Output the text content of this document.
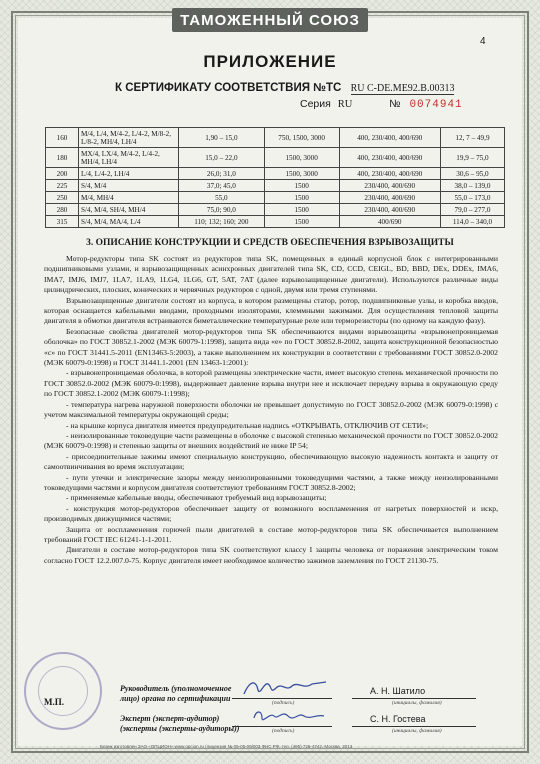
ТАМОЖЕННЫЙ СОЮЗ
4
ПРИЛОЖЕНИЕ
К СЕРТИФИКАТУ СООТВЕТСТВИЯ №ТС RU C-DE.ME92.B.00313
Серия RU	№ 0074941
160	M/4, L/4, M/4-2, L/4-2, M/8-2, L/8-2, MH/4, LH/4	1,90 – 15,0	750, 1500, 3000	400, 230/400, 400/690	12, 7 – 49,9
180	MX/4, LX/4, M/4-2, L/4-2, MH/4, LH/4	15,0 – 22,0	1500, 3000	400, 230/400, 400/690	19,9 – 75,0
200	L/4, L/4-2, LH/4	26,0; 31,0	1500, 3000	400, 230/400, 400/690	30,6 – 95,0
225	S/4, M/4	37,0; 45,0	1500	230/400, 400/690	38,0 – 139,0
250	M/4, MH/4	55,0	1500	230/400, 400/690	55,0 – 173,0
280	S/4, M/4, SH/4, MH/4	75,0; 90,0	1500	230/400, 400/690	79,0 – 277,0
315	S/4, M/4, MA/4, L/4	110; 132; 160; 200	1500	400/690	114,0 – 340,0
3. ОПИСАНИЕ КОНСТРУКЦИИ И СРЕДСТВ ОБЕСПЕЧЕНИЯ ВЗРЫВОЗАЩИТЫ

Мотор-редукторы типа SK состоят из редукторов типа SK, помещенных в единый корпусной блок с интегрированными подшипниковыми узлами, и взрывозащищенных асинхронных двигателей типа SK, CD, CCD, CEIGL, BD, BBD, DEx, DDEx, IMA6, IMA7, IMJ6, IMJ7, 1LA7, 1LA9, 1LG4, 1LG6, GT, 5AT, 7AT (далее взрывозащищенные двигатели). Используются различные виды цилиндрических, плоских, конических и червячных редукторов с одной, двумя или тремя ступенями.

Взрывозащищенные двигатели состоят из корпуса, в котором размещены статор, ротор, подшипниковые узлы, и коробка вводов, которая оснащается кабельными вводами, проходными изоляторами, клеммными зажимами. Для осуществления тепловой защиты двигателя в обмотки двигателя встраиваются биметаллические температурные реле или терморезисторы (по одному на каждую фазу).

Безопасные свойства двигателей мотор-редукторов типа SK обеспечиваются видами взрывозащиты «взрывонепроницаемая оболочка» по ГОСТ 30852.1-2002 (МЭК 60079-1:1998), защита вида «е» по ГОСТ 30852.8-2002, защита конструкционной безопасностью «с» по ГОСТ 31441.5-2011 (EN13463-5:2003), а также выполнением их конструкции в соответствии с требованиями ГОСТ 30852.0-2002 (МЭК 60079-0:1998) и ГОСТ 31441.1-2001 (EN 13463-1:2001):

- взрывонепроницаемая оболочка, в которой размещены электрические части, имеет высокую степень механической прочности по ГОСТ 30852.0-2002 (МЭК 60079-0:1998), выдерживает давление взрыва внутри нее и исключает передачу взрыва в окружающую среду по ГОСТ 30852.1-2002 (МЭК 60079-1:1998);

- температура нагрева наружной поверхности оболочки не превышает допустимую по ГОСТ 30852.0-2002 (МЭК 60079-0:1998) с учетом максимальной температуры окружающей среды;

- на крышке корпуса двигателя имеется предупредительная надпись «ОТКРЫВАТЬ, ОТКЛЮЧИВ ОТ СЕТИ»;

- неизолированные токоведущие части размещены в оболочке с высокой степенью механической прочности по ГОСТ 30852.0-2002 (МЭК 60079-0:1998) и степенью защиты от внешних воздействий не ниже IP 54;

- присоединительные зажимы имеют специальную конструкцию, обеспечивающую высокую надежность контакта и защиту от самоотвинчивания во время эксплуатации;

- пути утечки и электрические зазоры между неизолированными токоведущими частями, а также между неизолированными токоведущими частями и корпусом двигателя соответствуют требованиям ГОСТ 30852.8-2002;

- применяемые кабельные вводы, обеспечивают требуемый вид взрывозащиты;

- конструкция мотор-редукторов обеспечивает защиту от возможного воспламенения от нагретых поверхностей и искр, производимых движущимися частями;

Защита от воспламенения горючей пыли двигателей в составе мотор-редукторов типа SK обеспечивается выполнением требований ГОСТ IEC 61241-1-1-2011.

Двигатели в составе мотор-редукторов типа SK соответствуют классу I защиты человека от поражения электрическим током согласно ГОСТ 12.2.007.0-75. Корпус двигателя имеет необходимое количество зажимов заземления по ГОСТ 21130-75.

М.П.
Руководитель (уполномоченное
лицо) органа по сертификации	(подпись)
А. Н. Шатило
(инициалы, фамилия)
Эксперт (эксперт-аудитор)
(эксперты (эксперты-аудиторы))	(подпись)
С. Н. Гостева
(инициалы, фамилия)
Бланк изготовлен ЗАО «ОПЦИОН» www.opcion.ru (лицензия № 05-05-09/003 ФНС РФ, тел. (495) 726-4742, Москва, 2013
